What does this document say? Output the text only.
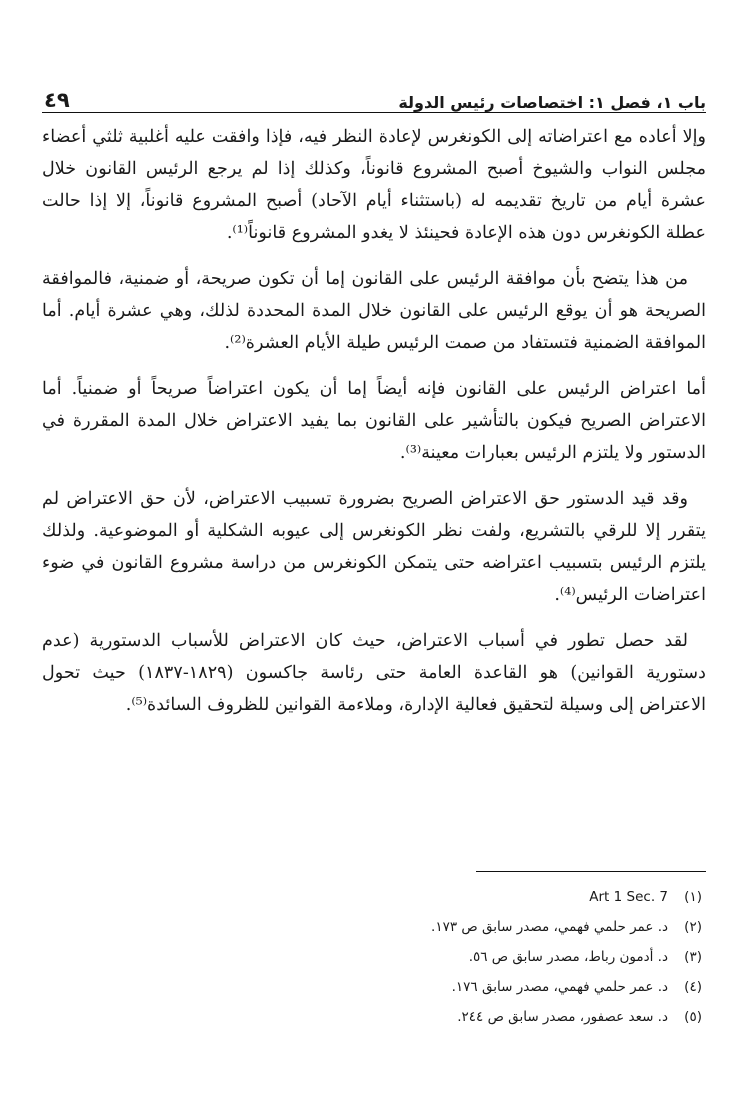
باب ١، فصل ١: اختصاصات رئيس الدولة
٤٩

وإلا أعاده مع اعتراضاته إلى الكونغرس لإعادة النظر فيه، فإذا وافقت عليه أغلبية ثلثي أعضاء مجلس النواب والشيوخ أصبح المشروع قانوناً، وكذلك إذا لم يرجع الرئيس القانون خلال عشرة أيام من تاريخ تقديمه له (باستثناء أيام الآحاد) أصبح المشروع قانوناً، إلا إذا حالت عطلة الكونغرس دون هذه الإعادة فحينئذ لا يغدو المشروع قانوناً⁽¹⁾.

من هذا يتضح بأن موافقة الرئيس على القانون إما أن تكون صريحة، أو ضمنية، فالموافقة الصريحة هو أن يوقع الرئيس على القانون خلال المدة المحددة لذلك، وهي عشرة أيام. أما الموافقة الضمنية فتستفاد من صمت الرئيس طيلة الأيام العشرة⁽²⁾.

أما اعتراض الرئيس على القانون فإنه أيضاً إما أن يكون اعتراضاً صريحاً أو ضمنياً. أما الاعتراض الصريح فيكون بالتأشير على القانون بما يفيد الاعتراض خلال المدة المقررة في الدستور ولا يلتزم الرئيس بعبارات معينة⁽³⁾.

وقد قيد الدستور حق الاعتراض الصريح بضرورة تسبيب الاعتراض، لأن حق الاعتراض لم يتقرر إلا للرقي بالتشريع، ولفت نظر الكونغرس إلى عيوبه الشكلية أو الموضوعية. ولذلك يلتزم الرئيس بتسبيب اعتراضه حتى يتمكن الكونغرس من دراسة مشروع القانون في ضوء اعتراضات الرئيس⁽⁴⁾.

لقد حصل تطور في أسباب الاعتراض، حيث كان الاعتراض للأسباب الدستورية (عدم دستورية القوانين) هو القاعدة العامة حتى رئاسة جاكسون (١٨٢٩-١٨٣٧) حيث تحول الاعتراض إلى وسيلة لتحقيق فعالية الإدارة، وملاءمة القوانين للظروف السائدة⁽⁵⁾.

(١)
Art 1 Sec. 7
(٢)
د. عمر حلمي فهمي، مصدر سابق ص ١٧٣.
(٣)
د. أدمون رباط، مصدر سابق ص ٥٦.
(٤)
د. عمر حلمي فهمي، مصدر سابق ١٧٦.
(٥)
د. سعد عصفور، مصدر سابق ص ٢٤٤.
